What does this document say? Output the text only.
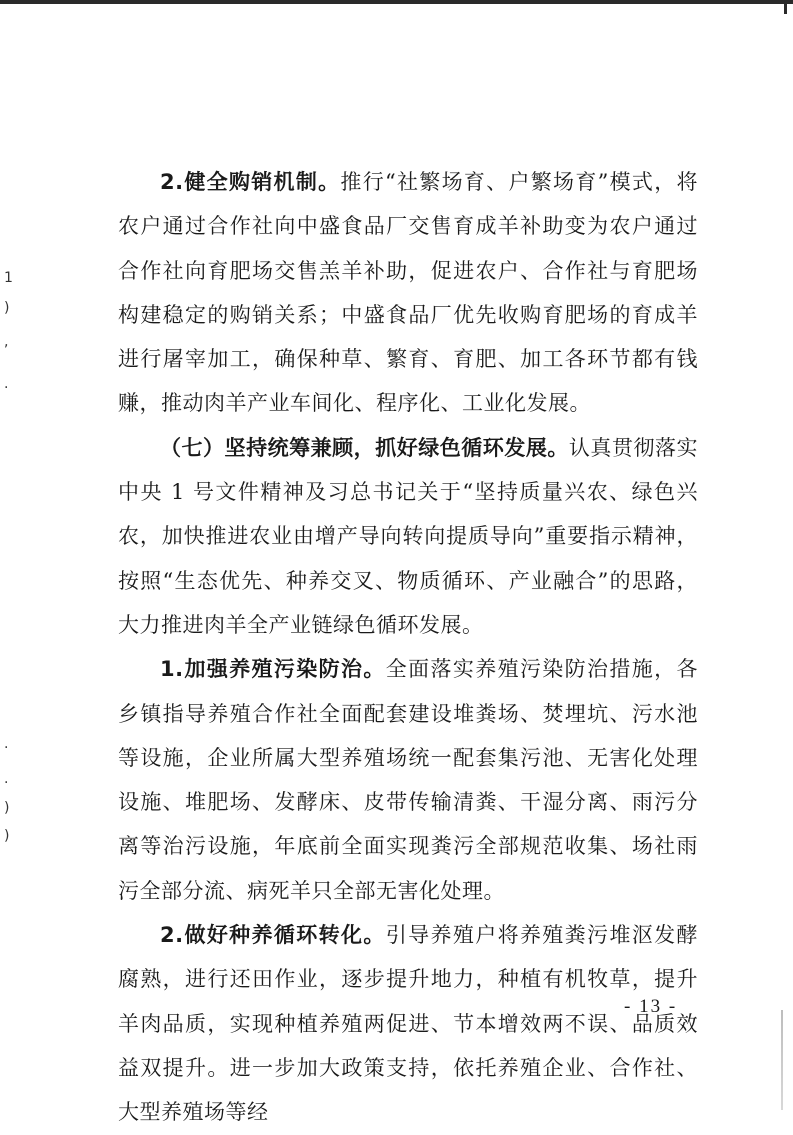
1
)
,
·
·
·
)
)

2.健全购销机制。推行“社繁场育、户繁场育”模式，将农户通过合作社向中盛食品厂交售育成羊补助变为农户通过合作社向育肥场交售羔羊补助，促进农户、合作社与育肥场构建稳定的购销关系；中盛食品厂优先收购育肥场的育成羊进行屠宰加工，确保种草、繁育、育肥、加工各环节都有钱赚，推动肉羊产业车间化、程序化、工业化发展。

（七）坚持统筹兼顾，抓好绿色循环发展。认真贯彻落实中央 1 号文件精神及习总书记关于“坚持质量兴农、绿色兴农，加快推进农业由增产导向转向提质导向”重要指示精神，按照“生态优先、种养交叉、物质循环、产业融合”的思路，大力推进肉羊全产业链绿色循环发展。

1.加强养殖污染防治。全面落实养殖污染防治措施，各乡镇指导养殖合作社全面配套建设堆粪场、焚埋坑、污水池等设施，企业所属大型养殖场统一配套集污池、无害化处理设施、堆肥场、发酵床、皮带传输清粪、干湿分离、雨污分离等治污设施，年底前全面实现粪污全部规范收集、场社雨污全部分流、病死羊只全部无害化处理。

2.做好种养循环转化。引导养殖户将养殖粪污堆沤发酵腐熟，进行还田作业，逐步提升地力，种植有机牧草，提升羊肉品质，实现种植养殖两促进、节本增效两不误、品质效益双提升。进一步加大政策支持，依托养殖企业、合作社、大型养殖场等经

- 13 -
